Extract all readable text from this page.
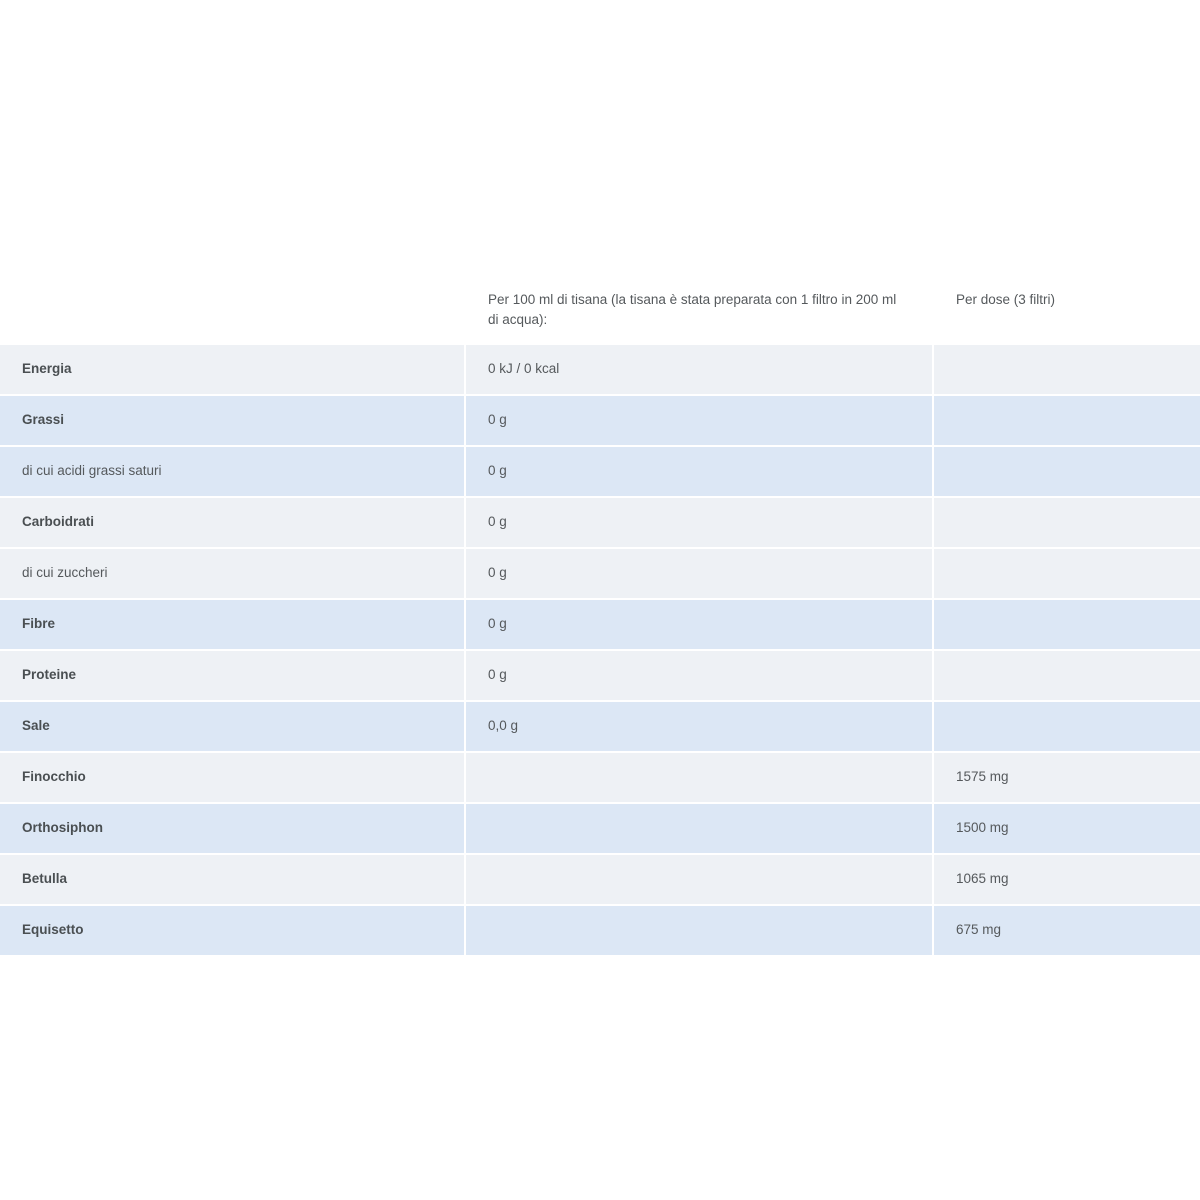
	Per 100 ml di tisana (la tisana è stata preparata con 1 filtro in 200 ml di acqua):	Per dose (3 filtri)
Energia	0 kJ / 0 kcal	
Grassi	0 g	
di cui acidi grassi saturi	0 g	
Carboidrati	0 g	
di cui zuccheri	0 g	
Fibre	0 g	
Proteine	0 g	
Sale	0,0 g	
Finocchio		1575 mg
Orthosiphon		1500 mg
Betulla		1065 mg
Equisetto		675 mg
